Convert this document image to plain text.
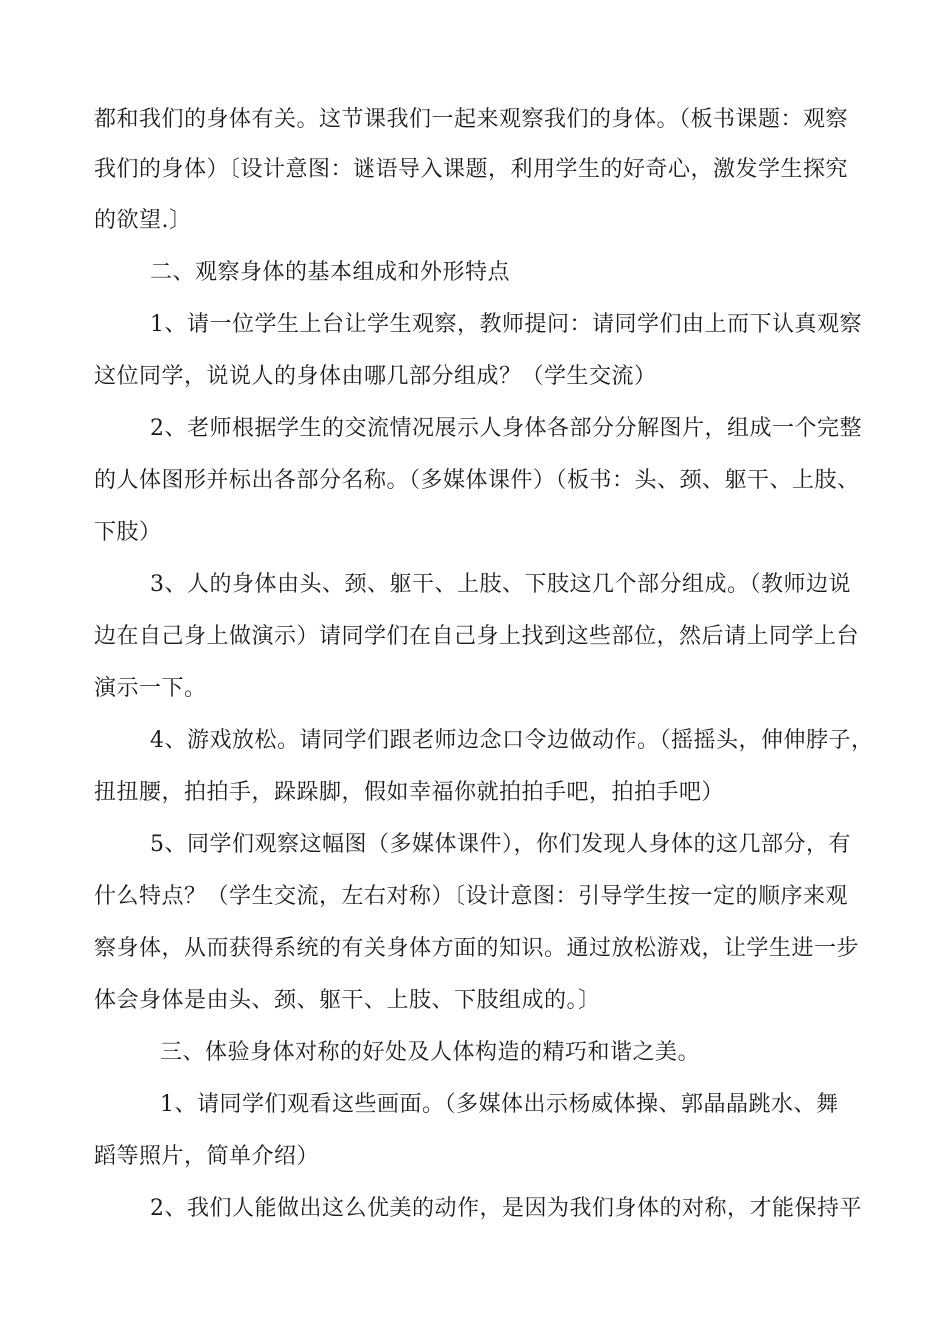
都和我们的身体有关。这节课我们一起来观察我们的身体。（板书课题：观察
我们的身体）〔设计意图：谜语导入课题，利用学生的好奇心，激发学生探究
的欲望.〕
二、观察身体的基本组成和外形特点
1、请一位学生上台让学生观察，教师提问：请同学们由上而下认真观察
这位同学，说说人的身体由哪几部分组成？（学生交流）
2、老师根据学生的交流情况展示人身体各部分分解图片，组成一个完整
的人体图形并标出各部分名称。（多媒体课件）（板书：头、颈、躯干、上肢、
下肢）
3、人的身体由头、颈、躯干、上肢、下肢这几个部分组成。（教师边说
边在自己身上做演示）请同学们在自己身上找到这些部位，然后请上同学上台
演示一下。
4、游戏放松。请同学们跟老师边念口令边做动作。（摇摇头，伸伸脖子，
扭扭腰，拍拍手，跺跺脚，假如幸福你就拍拍手吧，拍拍手吧）
5、同学们观察这幅图（多媒体课件），你们发现人身体的这几部分，有
什么特点？（学生交流，左右对称）〔设计意图：引导学生按一定的顺序来观
察身体，从而获得系统的有关身体方面的知识。通过放松游戏，让学生进一步
体会身体是由头、颈、躯干、上肢、下肢组成的。〕
三、体验身体对称的好处及人体构造的精巧和谐之美。
1、请同学们观看这些画面。（多媒体出示杨威体操、郭晶晶跳水、舞
蹈等照片，简单介绍）
2、我们人能做出这么优美的动作，是因为我们身体的对称，才能保持平
